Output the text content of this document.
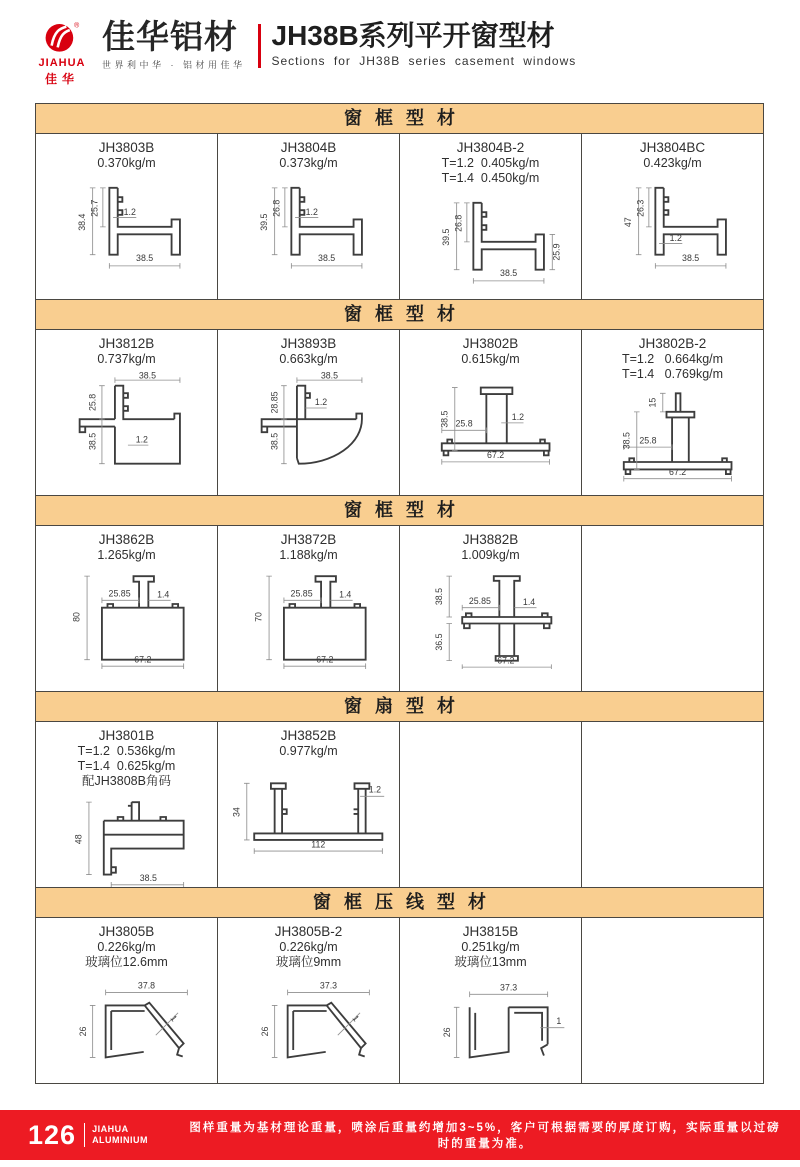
®
JIAHUA
佳华
佳华铝材
世界利中华 · 铝材用佳华
JH38B系列平开窗型材
Sections for JH38B series casement windows
窗框型材
JH3803B
0.370kg/m
38.4
25.7	1.2
38.5
JH3804B
0.373kg/m
39.5
26.8	1.2
38.5
JH3804B-2
T=1.2  0.405kg/m
T=1.4  0.450kg/m
39.5
26.8
25.9
38.5
JH3804BC
0.423kg/m
47
26.3
1.2
38.5
窗框型材
JH3812B
0.737kg/m
38.5
25.8
38.5	1.2
JH3893B
0.663kg/m
38.5
28.85
38.5
1.2
JH3802B
0.615kg/m
38.5 25.8
1.2
67.2
JH3802B-2
T=1.2   0.664kg/m
T=1.4   0.769kg/m
15
38.5 25.8
67.2
窗框型材
JH3862B
1.265kg/m
80
25.85	1.4
67.2
JH3872B
1.188kg/m
70
25.85	1.4
67.2
JH3882B
1.009kg/m
38.5
36.5
25.85	1.4
67.2
窗扇型材
JH3801B
T=1.2  0.536kg/m
T=1.4  0.625kg/m
配JH3808B角码
48
38.5
JH3852B
0.977kg/m
34
1.2
112
窗框压线型材
JH3805B
0.226kg/m
玻璃位12.6mm
37.8
26
1
JH3805B-2
0.226kg/m
玻璃位9mm
37.3
26
1
JH3815B
0.251kg/m
玻璃位13mm
37.3
26
1
126 JIAHUA
ALUMINIUM
图样重量为基材理论重量，喷涂后重量约增加3~5%，客户可根据需要的厚度订购，实际重量以过磅时的重量为准。
